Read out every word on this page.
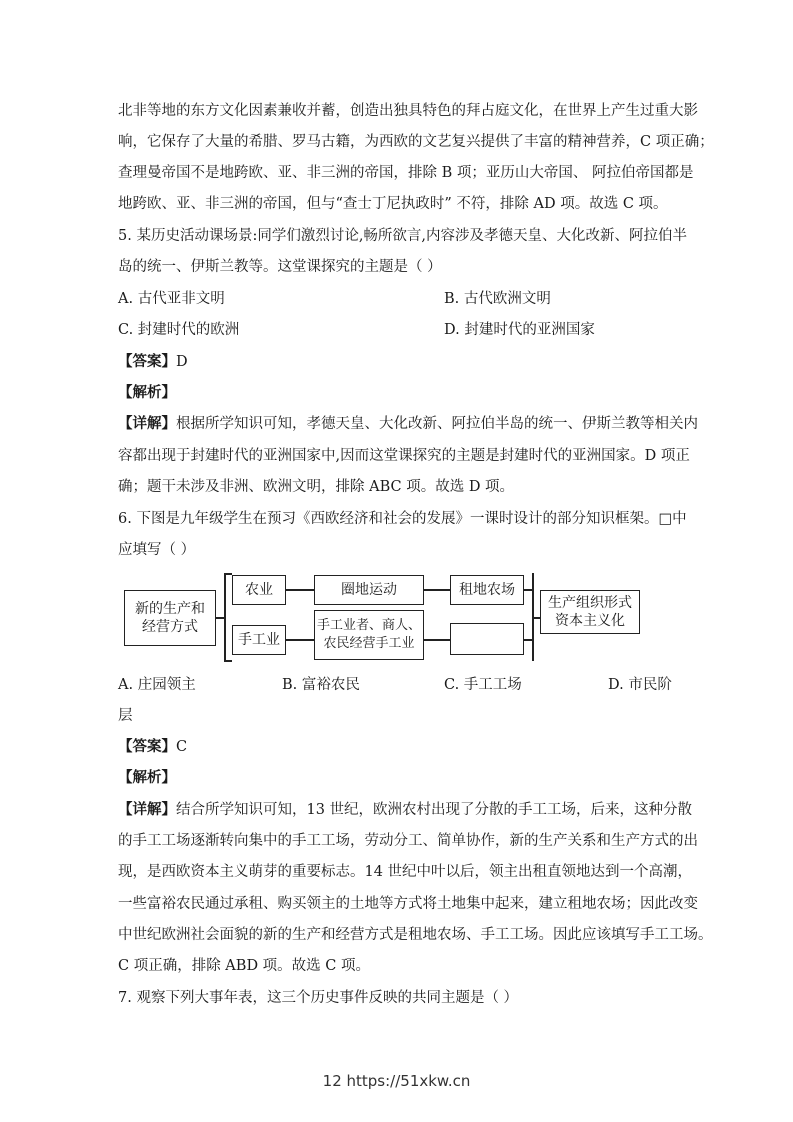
北非等地的东方文化因素兼收并蓄，创造出独具特色的拜占庭文化，在世界上产生过重大影
响，它保存了大量的希腊、罗马古籍，为西欧的文艺复兴提供了丰富的精神营养，C 项正确；
查理曼帝国不是地跨欧、亚、非三洲的帝国，排除 B 项；亚历山大帝国、 阿拉伯帝国都是
地跨欧、亚、非三洲的帝国，但与“查士丁尼执政时” 不符，排除 AD 项。故选 C 项。
5. 某历史活动课场景:同学们激烈讨论,畅所欲言,内容涉及孝德天皇、大化改新、阿拉伯半
岛的统一、伊斯兰教等。这堂课探究的主题是（ ）
A. 古代亚非文明	B. 古代欧洲文明
C. 封建时代的欧洲	D. 封建时代的亚洲国家
【答案】D
【解析】
【详解】根据所学知识可知，孝德天皇、大化改新、阿拉伯半岛的统一、伊斯兰教等相关内
容都出现于封建时代的亚洲国家中,因而这堂课探究的主题是封建时代的亚洲国家。D 项正
确；题干未涉及非洲、欧洲文明，排除 ABC 项。故选 D 项。
6. 下图是九年级学生在预习《西欧经济和社会的发展》一课时设计的部分知识框架。□中
应填写（ ）
新的生产和
经营方式
农业	圈地运动	租地农场
手工业
手工业者、商人、
农民经营手工业
生产组织形式
资本主义化
A. 庄园领主	B. 富裕农民	C. 手工工场	D. 市民阶
层
【答案】C
【解析】
【详解】结合所学知识可知，13 世纪，欧洲农村出现了分散的手工工场，后来，这种分散
的手工工场逐渐转向集中的手工工场，劳动分工、简单协作，新的生产关系和生产方式的出
现，是西欧资本主义萌芽的重要标志。14 世纪中叶以后，领主出租直领地达到一个高潮，
一些富裕农民通过承租、购买领主的土地等方式将土地集中起来，建立租地农场；因此改变
中世纪欧洲社会面貌的新的生产和经营方式是租地农场、手工工场。因此应该填写手工工场。
C 项正确，排除 ABD 项。故选 C 项。
7. 观察下列大事年表，这三个历史事件反映的共同主题是（ ）
12 https://51xkw.cn
